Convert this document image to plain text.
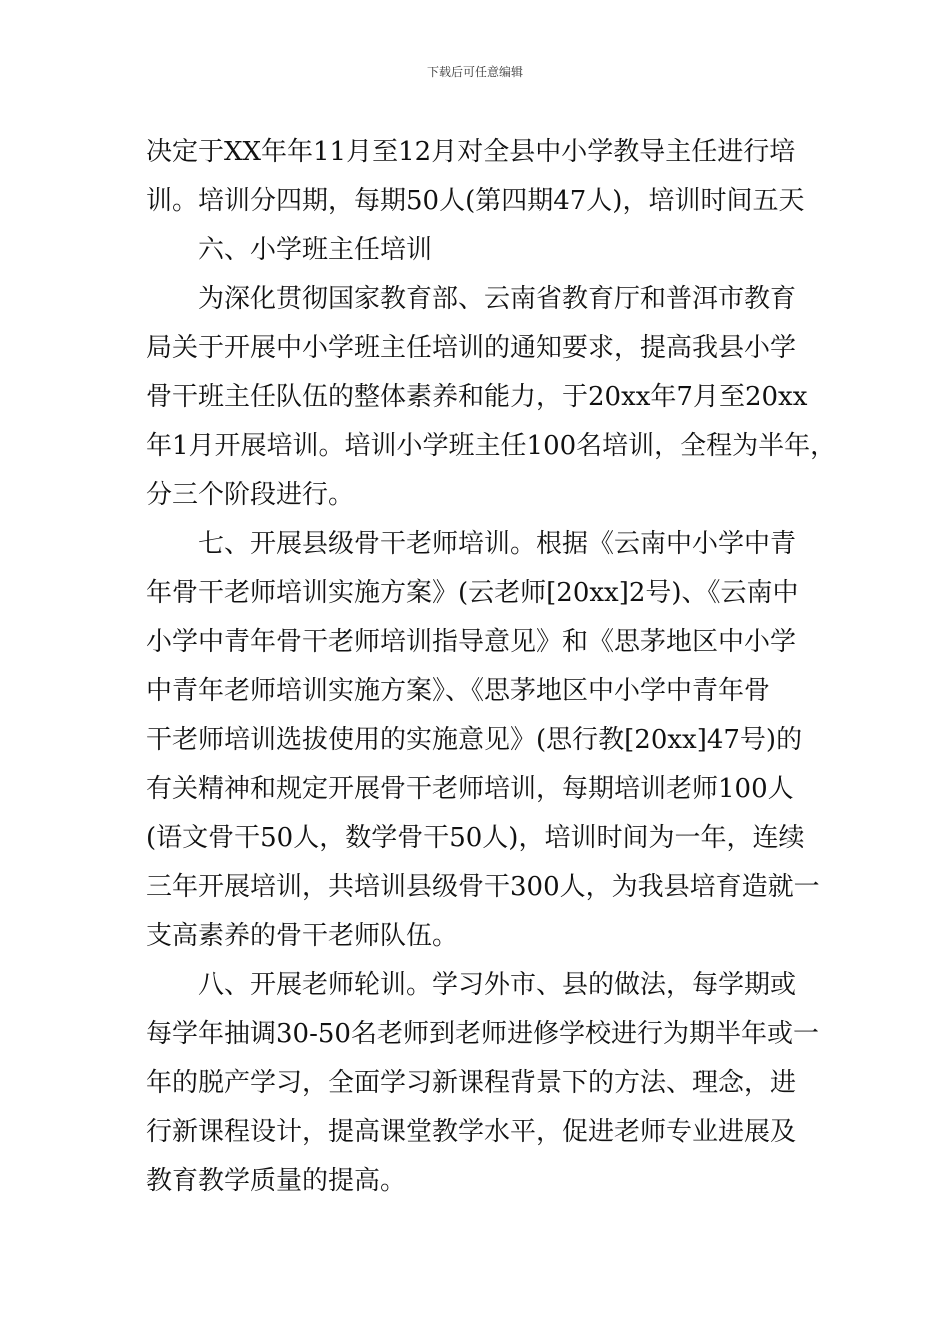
下载后可任意编辑
决定于XX年年11月至12月对全县中小学教导主任进行培
训。培训分四期，每期50人(第四期47人)，培训时间五天
六、小学班主任培训
为深化贯彻国家教育部、云南省教育厅和普洱市教育
局关于开展中小学班主任培训的通知要求，提高我县小学
骨干班主任队伍的整体素养和能力，于20xx年7月至20xx
年1月开展培训。培训小学班主任100名培训，全程为半年，
分三个阶段进行。
七、开展县级骨干老师培训。根据《云南中小学中青
年骨干老师培训实施方案》(云老师[20xx]2号)、《云南中
小学中青年骨干老师培训指导意见》和《思茅地区中小学
中青年老师培训实施方案》、《思茅地区中小学中青年骨
干老师培训选拔使用的实施意见》(思行教[20xx]47号)的
有关精神和规定开展骨干老师培训，每期培训老师100人
(语文骨干50人，数学骨干50人)，培训时间为一年，连续
三年开展培训，共培训县级骨干300人，为我县培育造就一
支高素养的骨干老师队伍。
八、开展老师轮训。学习外市、县的做法，每学期或
每学年抽调30-50名老师到老师进修学校进行为期半年或一
年的脱产学习，全面学习新课程背景下的方法、理念，进
行新课程设计，提高课堂教学水平，促进老师专业进展及
教育教学质量的提高。
